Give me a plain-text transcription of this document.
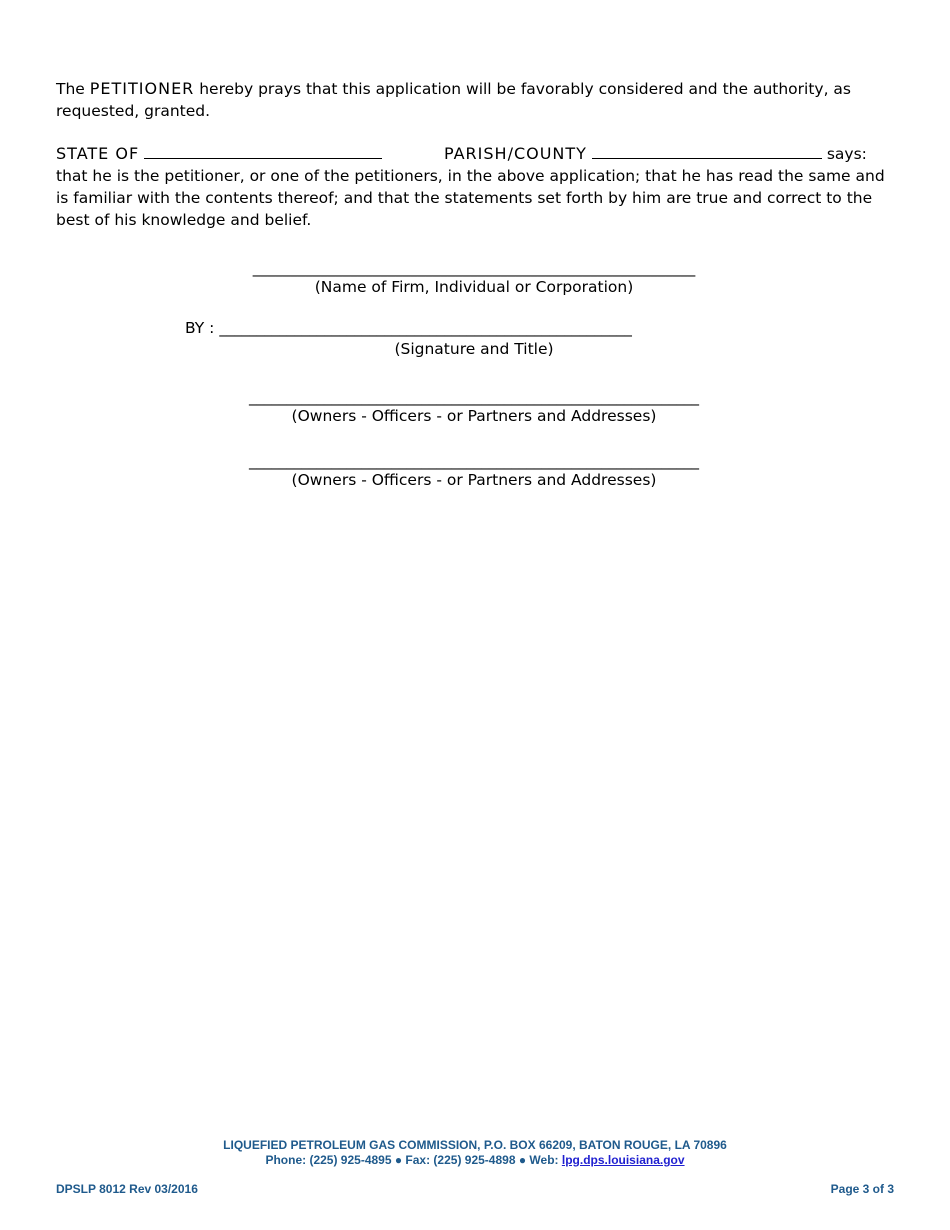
The PETITIONER hereby prays that this application will be favorably considered and the authority, as requested, granted.
STATE OF	PARISH/COUNTY	says:
that he is the petitioner, or one of the petitioners, in the above application; that he has read the same and is familiar with the contents thereof; and that the statements set forth by him are true and correct to the best of his knowledge and belief.
___________________________________________________________
(Name of Firm, Individual or Corporation)
BY : _______________________________________________________
(Signature and Title)
____________________________________________________________
(Owners - Officers - or Partners and Addresses)
____________________________________________________________
(Owners - Officers - or Partners and Addresses)
LIQUEFIED PETROLEUM GAS COMMISSION, P.O. BOX 66209, BATON ROUGE, LA 70896
Phone: (225) 925-4895 ● Fax: (225) 925-4898 ● Web: lpg.dps.louisiana.gov
DPSLP 8012 Rev 03/2016	Page 3 of 3
